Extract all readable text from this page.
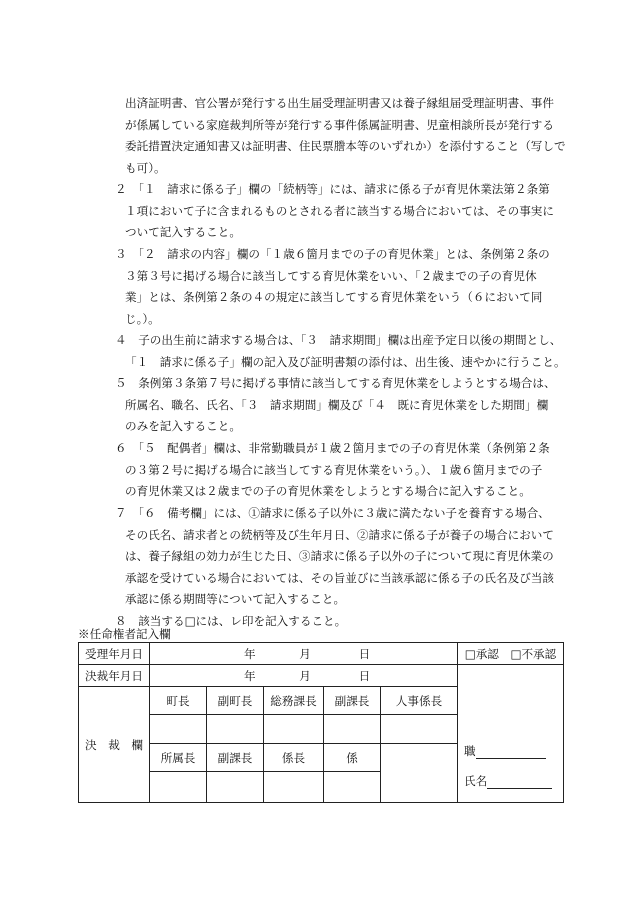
出済証明書、官公署が発行する出生届受理証明書又は養子縁組届受理証明書、事件
が係属している家庭裁判所等が発行する事件係属証明書、児童相談所長が発行する
委託措置決定通知書又は証明書、住民票謄本等のいずれか）を添付すること（写しで
も可）。
２　「１　請求に係る子」欄の「続柄等」には、請求に係る子が育児休業法第２条第
１項において子に含まれるものとされる者に該当する場合においては、その事実に
ついて記入すること。
３　「２　請求の内容」欄の「１歳６箇月までの子の育児休業」とは、条例第２条の
３第３号に掲げる場合に該当してする育児休業をいい、「２歳までの子の育児休
業」とは、条例第２条の４の規定に該当してする育児休業をいう（６において同
じ。）。
４　子の出生前に請求する場合は、「３　請求期間」欄は出産予定日以後の期間とし、
「１　請求に係る子」欄の記入及び証明書類の添付は、出生後、速やかに行うこと。
５　条例第３条第７号に掲げる事情に該当してする育児休業をしようとする場合は、
所属名、職名、氏名、「３　請求期間」欄及び「４　既に育児休業をした期間」欄
のみを記入すること。
６　「５　配偶者」欄は、非常勤職員が１歳２箇月までの子の育児休業（条例第２条
の３第２号に掲げる場合に該当してする育児休業をいう。）、１歳６箇月までの子
の育児休業又は２歳までの子の育児休業をしようとする場合に記入すること。
７　「６　備考欄」には、①請求に係る子以外に３歳に満たない子を養育する場合、
その氏名、請求者との続柄等及び生年月日、②請求に係る子が養子の場合において
は、養子縁組の効力が生じた日、③請求に係る子以外の子について現に育児休業の
承認を受けている場合においては、その旨並びに当該承認に係る子の氏名及び当該
承認に係る期間等について記入すること。
８　該当する□には、レ印を記入すること。
※任命権者記入欄
受理年月日	年 月 日					□承認　□不承認
決裁年月日	年 月 日					職
氏名

決　裁　欄	町長	副町長	総務課長	副課長	人事係長	

	所属長	副課長	係長	係		
